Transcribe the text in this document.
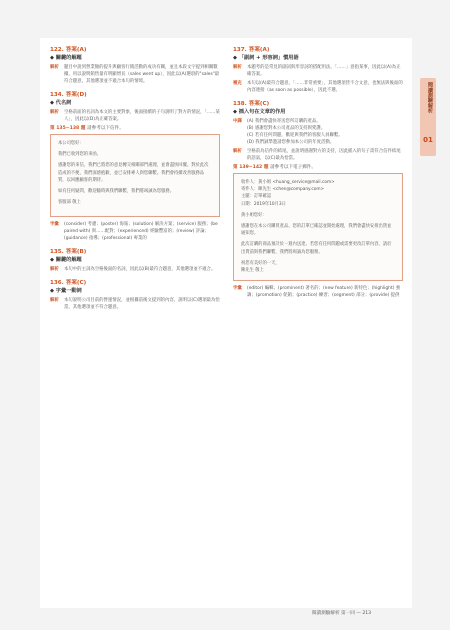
122. 答案(A)
◆ 關鍵的解題
解析	題目中說到營業額的提升與顧客行銷活動的成功有關，並且本段文字提到相關數據，用以說明銷售量有明顯增長（sales went up），因此以(A)選項的"sales"最符合題意，其他選項並不適合本句的情境。
134. 答案(D)
◆ 代名詞
解析	空格前面的名詞為本文的主要對象，後面接續的子句說明了對方的情況，「……某人」，因此以(D)為正確答案。
第 135~138 題 請參考以下信件。
本公司您好：
我們已收到您的來函。
感謝您的來信，我們已將您的意見轉交相關部門處理，並會盡快回覆。對於此次造成的不便，我們深感抱歉，並已安排專人與您聯繫。我們會持續改善服務品質，以回應顧客的期待。
如有任何疑問，歡迎隨時與我們聯繫，我們將竭誠為您服務。
客服部 敬上
字彙	(consider) 考慮；(poster) 海報；(solution) 解決方案；(service) 服務；(be paired with) 與……配對；(experienced) 經驗豐富的；(review) 評論；(guidance) 指導；(professional) 專業的
135. 答案(B)
◆ 關鍵的解題
解析	本句中的主詞為空格後面的名詞，因此以(B)最符合題意，其他選項並不適合。
136. 答案(C)
◆ 字彙一動詞
解析	本句說明公司目前的營運情況，並根據前後文提到的內容，說明以(C)選項最為恰當，其他選項並不符合題意。
137. 答案(A)
◆ 「副詞 + 形容詞」慣用語
解析	本題考的是常見的副詞與形容詞的搭配用法，「……」意指某事，因此以(A)為正確答案。
補充	本句以(A)最符合題意，「……非常重要」，其他選項皆不合文意，也無法與後面的內容連接（as soon as possible），因此不選。
138. 答案(C)
◆ 插入句在文章的作用
中譯	(A) 我們會盡快寄送您所訂購的產品。
(B) 感謝您對本公司產品的支持與愛護。
(C) 若有任何問題，歡迎與我們的客服人員聯繫。
(D) 我們誠摯邀請您參加本公司的年度活動。
解析	空格前為信件的結尾，並說明感謝對方的支持，因此插入的句子需符合信件結尾的語氣，以(C)最為恰當。
第 139~142 題 請參考以下電子郵件。
收件人：黃小姐 <huang_service@mail.com>
寄件人：陳先生 <chen@company.com>
主題：訂單確認
日期：2019年10月3日
黃小姐您好：
感謝您在本公司購買產品。您的訂單已確認並開始處理，我們會盡快安排出貨並通知您。
此次訂購的商品預計於一週內送達。若您有任何問題或需要更改訂單內容，請於出貨前與我們聯繫，我們將竭誠為您服務。
祝您有美好的一天，
陳先生 敬上
字彙	(editor) 編輯；(prominent) 著名的；(new feature) 新特色；(highlight) 強調；(promotion) 促銷；(practice) 練習；(segment) 部分；(provide) 提供
閱讀測驗解析
01
閱讀測驗解析 第一回 — 213
